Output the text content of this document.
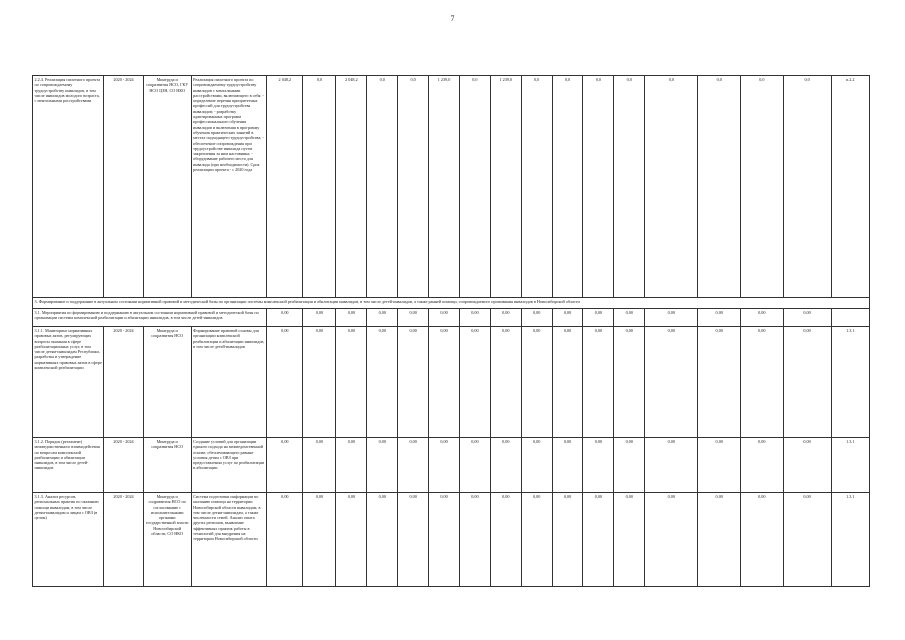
7
2.2.4. Реализация пилотного проекта по сопровождаемому трудоустройству инвалидов, в том числе инвалидов молодого возраста, с ментальными расстройствами	2020 - 2024	Минтруда и соцразвития НСО, ГКУ НСО ЦЗН, СО НКО	Реализация пилотного проекта по сопровождаемому трудоустройству инвалидов с ментальными расстройствами, включающего в себя: - определение перечня приоритетных профессий для трудоустройства инвалидов; - разработку адаптированных программ профессионального обучения инвалидов и включения в программу обучения практических занятий в местах подходящего трудоустройства; - обеспечение сопровождения при трудоустройстве инвалида путем закрепления за ним наставника; - оборудование рабочего места для инвалида (при необходимости). Срок реализации проекта - с 2020 года	2 048,2	0,0	2 048,2	0,0	0,0	1 239,0	0,0	1 239,0	0,0	0,0	0,0	0,0	0,0	0,0	0,0	0,0	п.2.2
3. Формирование и поддержание в актуальном состоянии нормативной правовой и методической базы по организации системы комплексной реабилитации и абилитации инвалидов, в том числе детей-инвалидов, а также ранней помощи, сопровождаемого проживания инвалидов в Новосибирской области																				
3.1. Мероприятия по формированию и поддержанию в актуальном состоянии нормативной правовой и методической базы по организации системы комплексной реабилитации и абилитации инвалидов, в том числе детей-инвалидов				0,00	0,00	0,00	0,00	0,00	0,00	0,00	0,00	0,00	0,00	0,00	0,00	0,00	0,00	0,00	0,00	
3.1.1. Мониторинг нормативных правовых актов, регулирующих вопросы оказания в сфере реабилитационных услуг, в том числе детям-инвалидам Республики, разработка и утверждение нормативных правовых актов в сфере комплексной реабилитации	2020 - 2024	Минтруда и соцразвития НСО	Формирование правовой основы для организации комплексной реабилитации и абилитации инвалидов, в том числе детей-инвалидов	0,00	0,00	0,00	0,00	0,00	0,00	0,00	0,00	0,00	0,00	0,00	0,00	0,00	0,00	0,00	0,00	1.3.1
3.1.2. Порядок (регламент) межведомственного взаимодействия по вопросам комплексной реабилитации и абилитации инвалидов, в том числе детей-инвалидов	2020 - 2024	Минтруда и соцразвития НСО	Создание условий для организации единого подхода на межведомственной основе, обеспечивающего равные условия детям с ОВЗ при предоставлении услуг по реабилитации и абилитации	0,00	0,00	0,00	0,00	0,00	0,00	0,00	0,00	0,00	0,00	0,00	0,00	0,00	0,00	0,00	0,00	1.3.1
3.1.3. Анализ ресурсов, региональных практик по оказанию помощи инвалидам, в том числе детям-инвалидам и лицам с ОВЗ (в целом)	2020 - 2024	Минтруда и соцразвития НСО по согласованию с исполнительными органами государственной власти Новосибирской области, СО НКО	Система подготовки информации по оказанию помощи на территории Новосибирской области инвалидам, в том числе детям-инвалидам, а также численности семей. Анализ опыта других регионов, выявление эффективных практик работы в технологий для внедрения на территории Новосибирской области	0,00	0,00	0,00	0,00	0,00	0,00	0,00	0,00	0,00	0,00	0,00	0,00	0,00	0,00	0,00	0,00	1.3.1
